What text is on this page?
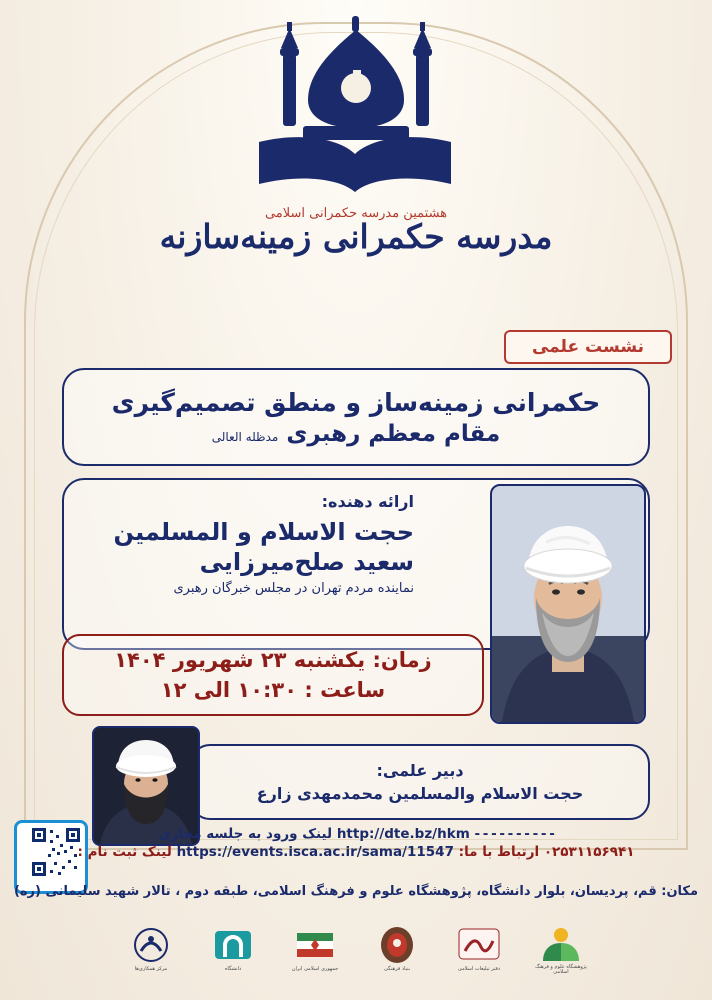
هشتمین مدرسه حکمرانی اسلامی
مدرسه حکمرانی زمینه‌سازنه
نشست علمی
حکمرانی زمینه‌ساز و منطق تصمیم‌گیری
مقام معظم رهبری مدظله العالی
ارائه دهنده:
حجت الاسلام و المسلمین
سعید صلح‌میرزایی
نماینده مردم تهران در مجلس خبرگان رهبری
زمان: یکشنبه ۲۳ شهریور ۱۴۰۴
ساعت : ۱۰:۳۰ الی ۱۲
دبیر علمی:
حجت الاسلام والمسلمین محمدمهدی زارع
- - - - - - - - - - http://dte.bz/hkm لینک ورود به جلسه مجازی
۰۲۵۳۱۱۵۶۹۴۱ ارتباط با ما: https://events.isca.ac.ir/sama/11547 لینک ثبت نام :
مکان: قم، پردیسان، بلوار دانشگاه، پژوهشگاه علوم و فرهنگ اسلامی، طبقه دوم ، تالار شهید سلیمانی (ره)
پژوهشگاه علوم و فرهنگ اسلامی
دفتر تبلیغات اسلامی
بنیاد فرهنگی
جمهوری اسلامی ایران
دانشگاه
مرکز همکاری‌ها
